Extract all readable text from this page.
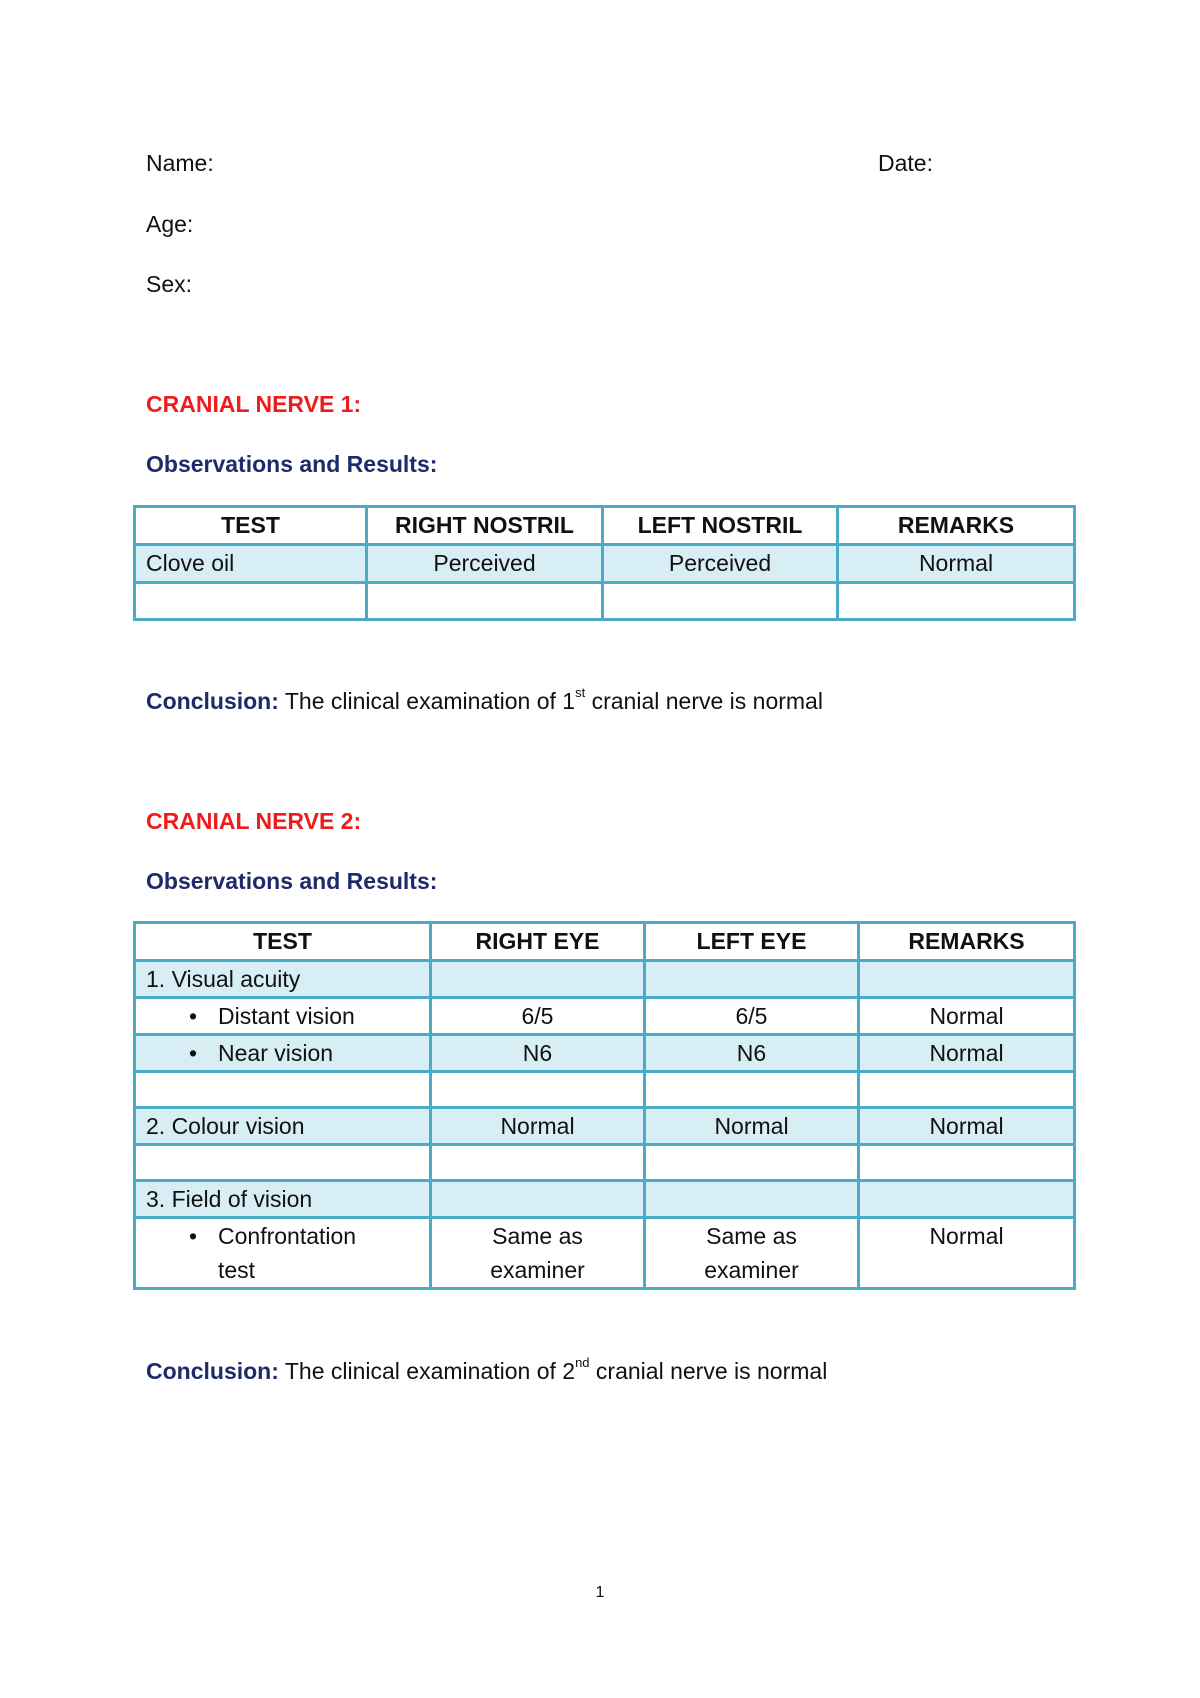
Name:	Date:
Age:
Sex:
CRANIAL NERVE 1:
Observations and Results:
TEST	RIGHT NOSTRIL	LEFT NOSTRIL	REMARKS
Clove oil	Perceived	Perceived	Normal

Conclusion: The clinical examination of 1st cranial nerve is normal
CRANIAL NERVE 2:
Observations and Results:
TEST	RIGHT EYE	LEFT EYE	REMARKS
1. Visual acuity			
• Distant vision	6/5	6/5	Normal
• Near vision	N6	N6	Normal

2. Colour vision	Normal	Normal	Normal

3. Field of vision			

• Confrontation test	Same as examiner	Same as examiner	Normal
Conclusion: The clinical examination of 2nd cranial nerve is normal
1
